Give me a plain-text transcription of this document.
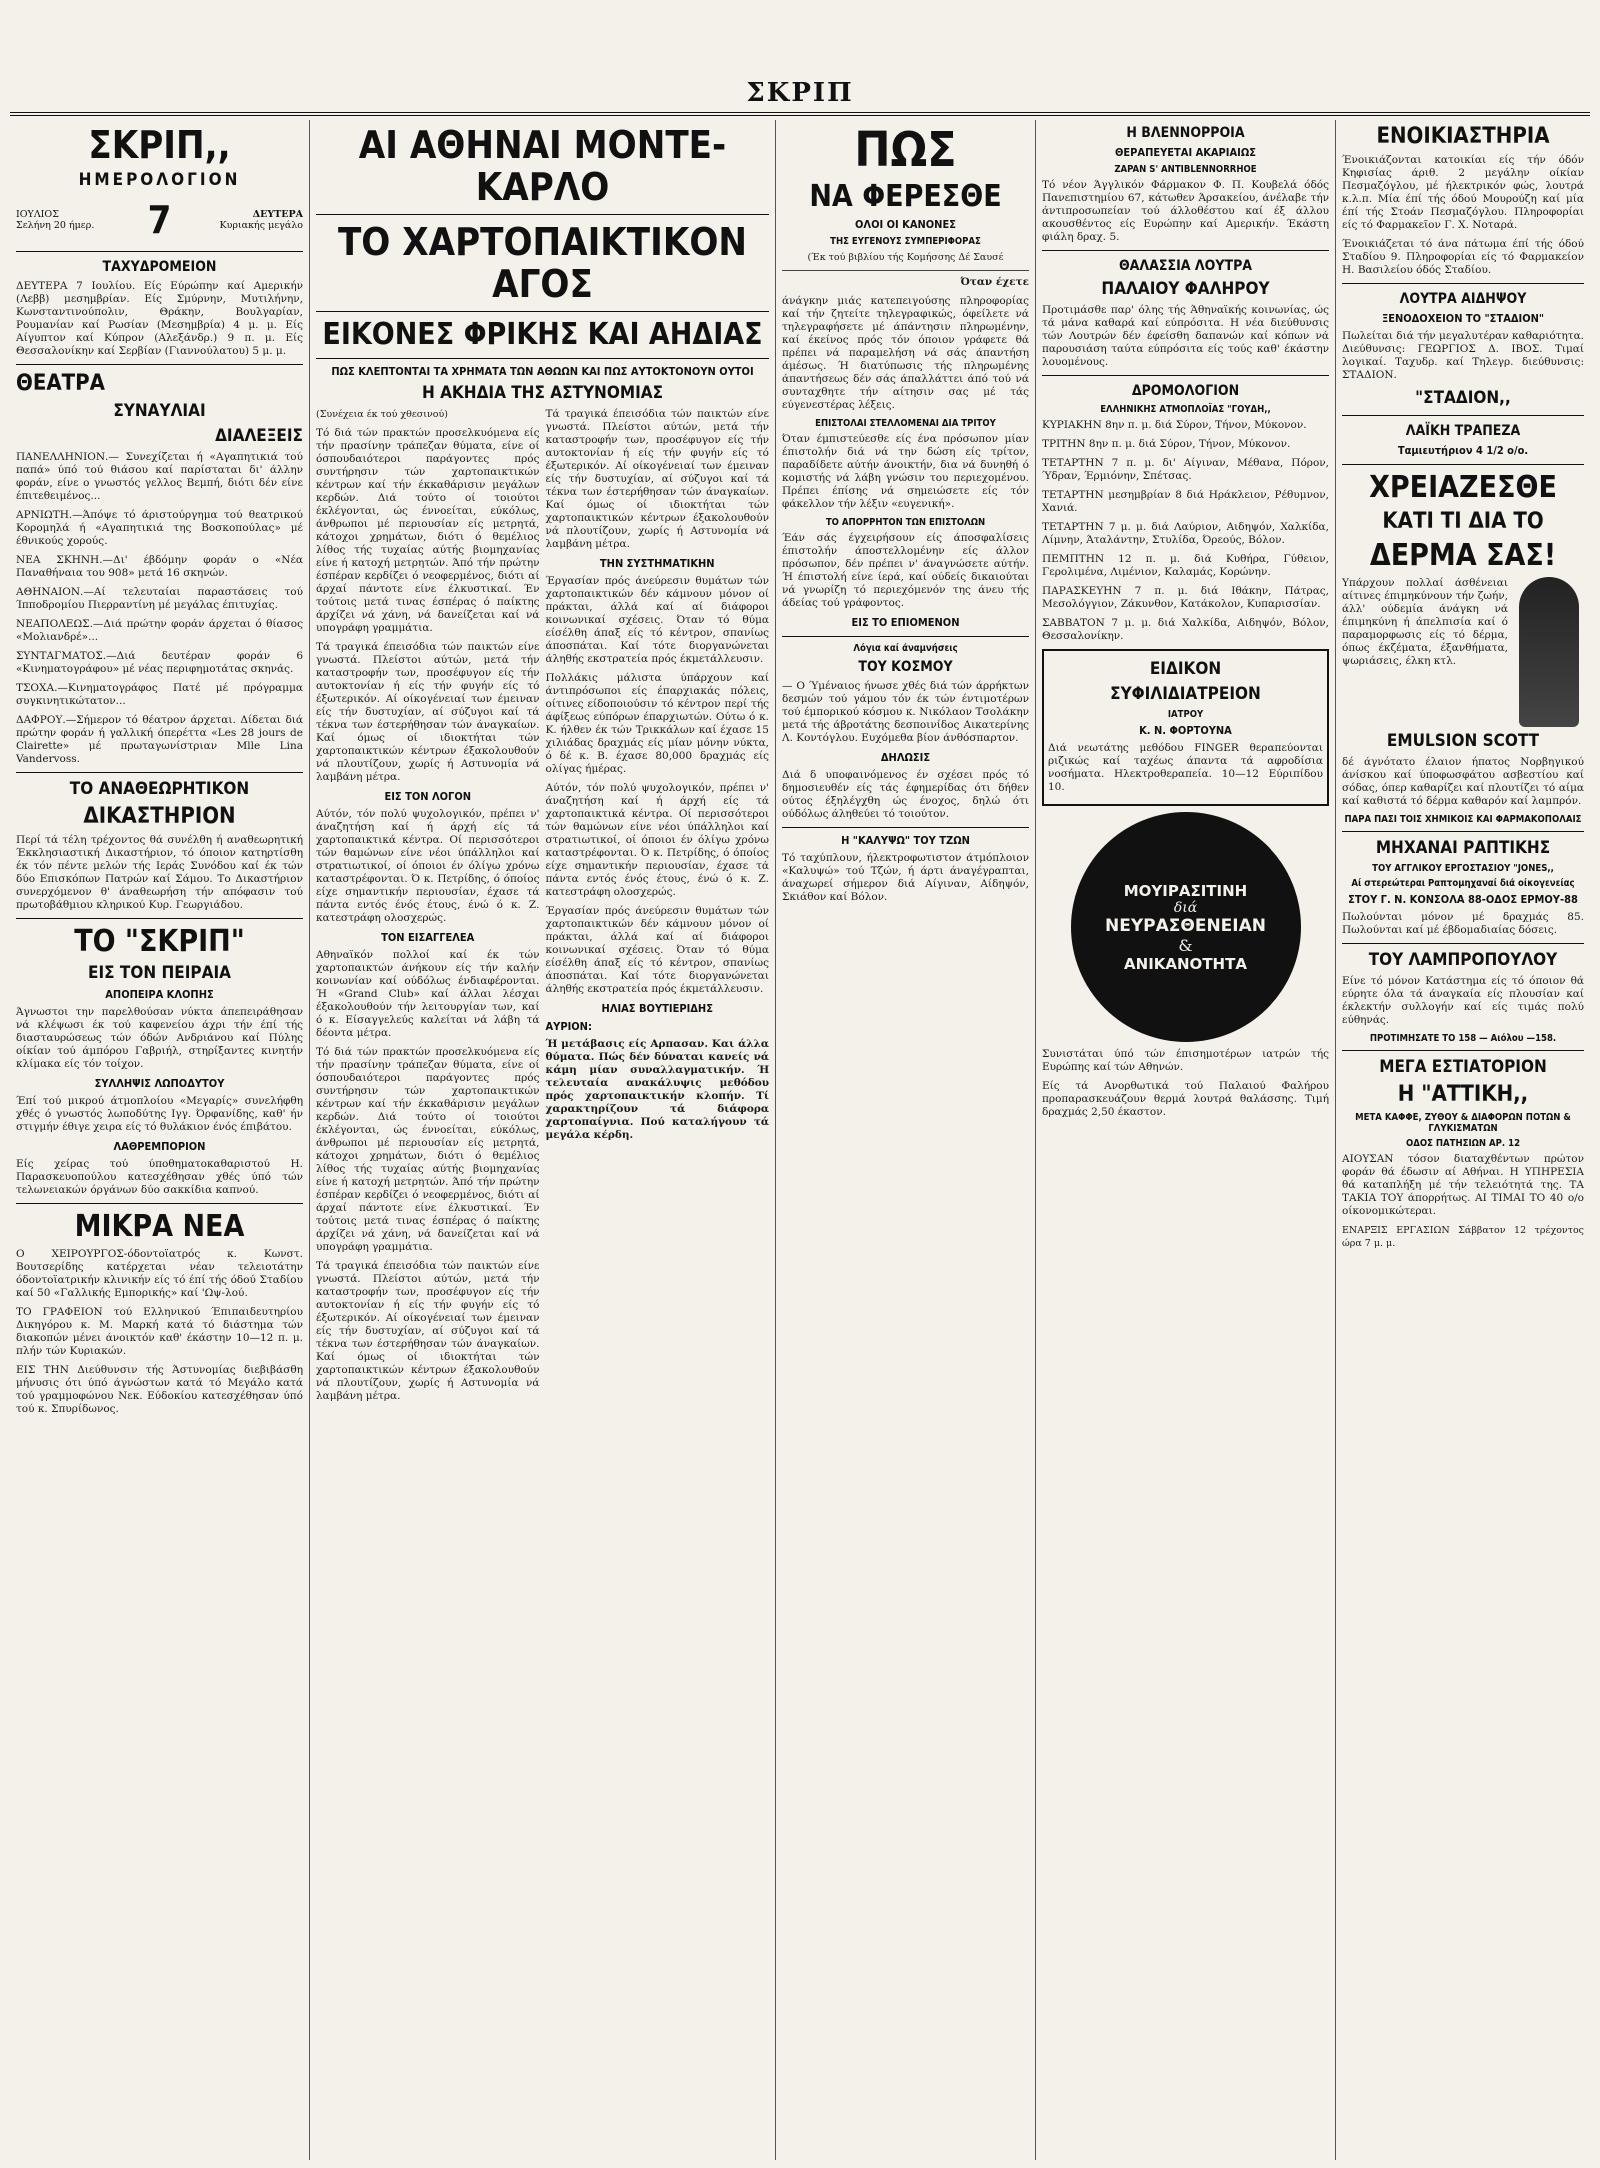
ΣΚΡΙΠ
ΣΚΡΙΠ,,
ΗΜΕΡΟΛΟΓΙΟΝ
ΙΟΥΛΙΟΣ
Σελήνη 20 ήμερ.	7	ΔΕΥΤΕΡΑ
Κυριακής μεγάλο
ΤΑΧΥΔΡΟΜΕΙΟΝ

ΔΕΥΤΕΡΑ 7 Ιουλίου. Είς Εύρώπην καί Αμερικήν (Λεββ) μεσημβρίαν. Είς Σμύρνην, Μυτιλήνην, Κωνσταντινούπολιν, Θράκην, Βουλγαρίαν, Ρουμανίαν καί Ρωσίαν (Μεσημβρία) 4 μ. μ. Είς Αίγυπτον καί Κύπρον (Αλεξάνδρ.) 9 π. μ. Είς Θεσσαλονίκην καί Σερβίαν (Γιαννούλατου) 5 μ. μ.

ΘΕΑΤΡΑ
ΣΥΝΑΥΛΙΑΙ
ΔΙΑΛΕΞΕΙΣ

ΠΑΝΕΛΛΗΝΙΟΝ.— Συνεχίζεται ή «Αγαπητικιά τού παπά» ύπό τού θιάσου καί παρίσταται δι' άλλην φοράν, είνε ο γνωστός γελλος Βεμπή, διότι δέν είνε έπιτεθειμένος...

ΑΡΝΙΩΤΗ.—Άπόψε τό άριστούργημα τού θεατρικού Κορομηλά ή «Αγαπητικιά της Βοσκοπούλας» μέ έθνικούς χορούς.

ΝΕΑ ΣΚΗΝΗ.—Δι' έβδόμην φοράν ο «Νέα Παναθήναια του 908» μετά 16 σκηνών.

ΑΘΗΝΑΙΟΝ.—Αί τελευταίαι παραστάσεις τού Ίπποδρομίου Πιερραντίνη μέ μεγάλας έπιτυχίας.

ΝΕΑΠΟΛΕΩΣ.—Διά πρώτην φοράν άρχεται ό θίασος «Μολιανδρέ»...

ΣΥΝΤΑΓΜΑΤΟΣ.—Διά δευτέραν φοράν 6 «Κινηματογράφου» μέ νέας περιφημοτάτας σκηνάς.

ΤΣΟΧΑ.—Κινηματογράφος Πατέ μέ πρόγραμμα συγκινητικώτατον...

ΔΑΦΡΟΥ.—Σήμερον τό θέατρον άρχεται. Δίδεται διά πρώτην φοράν ή γαλλική όπερέττα «Les 28 jours de Clairette» μέ πρωταγωνίστριαν Mlle Lina Vandervoss.

ΤΟ ΑΝΑΘΕΩΡΗΤΙΚΟΝ
ΔΙΚΑΣΤΗΡΙΟΝ

Περί τά τέλη τρέχοντος θά συνέλθη ή αναθεωρητική Έκκλησιαστική Δικαστήριον, τό όποιον κατηρτίσθη έκ τόν πέντε μελών τής Ιεράς Συνόδου καί έκ τών δύο Επισκόπων Πατρών καί Σάμου. Το Δικαστήριον συνερχόμενον θ' άναθεωρήση τήν απόφασιν τού πρωτοβάθμιου κληρικού Κυρ. Γεωργιάδου.

ΤΟ "ΣΚΡΙΠ"
ΕΙΣ ΤΟΝ ΠΕΙΡΑΙΑ
ΑΠΟΠΕΙΡΑ ΚΛΟΠΗΣ

Άγνωστοι την παρελθούσαν νύκτα άπεπειράθησαν νά κλέψωσι έκ τού καφενείου άχρι τήν έπί τής διασταυρώσεως τών όδών Ανδριάνου καί Πύλης οίκίαν τού άμπόρου Γαβριήλ, στηρίξαντες κινητήν κλίμακα είς τόν τοίχον.

ΣΥΛΛΗΨΙΣ ΛΩΠΟΔΥΤΟΥ

Έπί τού μικρού άτμοπλοίου «Μεγαρίς» συνελήφθη χθές ό γνωστός λωποδύτης Ιγγ. Όρφανίδης, καθ' ήν στιγμήν έθιγε χειρα είς τό θυλάκιον ένός έπιβάτου.

ΛΑΘΡΕΜΠΟΡΙΟΝ

Είς χείρας τού ύποθηματοκαθαριστού Η. Παρασκευοπούλου κατεσχέθησαν χθές ύπό τών τελωνειακών όργάνων δύο σακκίδια καπνού.

ΜΙΚΡΑ ΝΕΑ

Ο ΧΕΙΡΟΥΡΓΟΣ-όδοντοϊατρός κ. Κωνστ. Βουτσερίδης κατέρχεται νέαν τελειοτάτην όδοντοϊατρικήν κλινικήν είς τό έπί τής όδού Σταδίου καί 50 «Γαλλικής Εμπορικής» καί 'Ωψ-λού.

ΤΟ ΓΡΑΦΕΙΟΝ τού Ελληνικού Έπιπαιδευτηρίου Δικηγόρου κ. Μ. Μαρκή κατά τό διάστημα τών διακοπών μένει άνοικτόν καθ' έκάστην 10—12 π. μ. πλήν τών Κυριακών.

ΕΙΣ ΤΗΝ Διεύθυνσιν τής Άστυνομίας διεβιβάσθη μήνυσις ότι ύπό άγνώστων κατά τό Μεγάλο κατά τού γραμμοφώνου Νεκ. Εύδοκίου κατεσχέθησαν ύπό τού κ. Σπυρίδωνος.

ΑΙ ΑΘΗΝΑΙ ΜΟΝΤΕ-ΚΑΡΛΟ
ΤΟ ΧΑΡΤΟΠΑΙΚΤΙΚΟΝ ΑΓΟΣ
ΕΙΚΟΝΕΣ ΦΡΙΚΗΣ ΚΑΙ ΑΗΔΙΑΣ
ΠΩΣ ΚΛΕΠΤΟΝΤΑΙ ΤΑ ΧΡΗΜΑΤΑ ΤΩΝ ΑΘΩΩΝ ΚΑΙ ΠΩΣ ΑΥΤΟΚΤΟΝΟΥΝ ΟΥΤΟΙ
Η ΑΚΗΔΙΑ ΤΗΣ ΑΣΤΥΝΟΜΙΑΣ

(Συνέχεια έκ τού χθεσινού)

Τό διά τών πρακτών προσελκυόμενα είς τήν πρασίνην τράπεζαν θύματα, είνε οί όσπουδαιότεροι παράγοντες πρός συντήρησιν τών χαρτοπαικτικών κέντρων καί τήν έκκαθάρισιν μεγάλων κερδών. Διά τούτο οί τοιούτοι έκλέγονται, ώς έννοείται, εύκόλως, άνθρωποι μέ περιουσίαν είς μετρητά, κάτοχοι χρημάτων, διότι ό θεμέλιος λίθος τής τυχαίας αύτής βιομηχανίας είνε ή κατοχή μετρητών. Άπό τήν πρώτην έσπέραν κερδίζει ό νεοφερμένος, διότι αί άρχαί πάντοτε είνε έλκυστικαί. Έν τούτοις μετά τινας έσπέρας ό παίκτης άρχίζει νά χάνη, νά δανείζεται καί νά υπογράφη γραμμάτια.

Τά τραγικά έπεισόδια τών παικτών είνε γνωστά. Πλείστοι αύτών, μετά τήν καταστροφήν των, προσέφυγον είς τήν αυτοκτονίαν ή είς τήν φυγήν είς τό έξωτερικόν. Αί οίκογένειαί των έμειναν είς τήν δυστυχίαν, αί σύζυγοι καί τά τέκνα των έστερήθησαν τών άναγκαίων. Καί όμως οί ιδιοκτήται τών χαρτοπαικτικών κέντρων έξακολουθούν νά πλουτίζουν, χωρίς ή Αστυνομία νά λαμβάνη μέτρα.

ΕΙΣ ΤΟΝ ΛΟΓΟΝ

Αύτόν, τόν πολύ ψυχολογικόν, πρέπει ν' άναζητήση καί ή άρχή είς τά χαρτοπαικτικά κέντρα. Οί περισσότεροι τών θαμώνων είνε νέοι ύπάλληλοι καί στρατιωτικοί, οί όποιοι έν όλίγω χρόνω καταστρέφονται. Ό κ. Πετρίδης, ό όποίος είχε σημαντικήν περιουσίαν, έχασε τά πάντα εντός ένός έτους, ένώ ό κ. Ζ. κατεστράφη ολοσχερώς.

ΤΟΝ ΕΙΣΑΓΓΕΛΕΑ

Αθηναϊκόν πολλοί καί έκ τών χαρτοπαικτών άνήκουν είς τήν καλήν κοινωνίαν καί ούδόλως ένδιαφέρονται. Ή «Grand Club» καί άλλαι λέσχαι έξακολουθούν τήν λειτουργίαν των, καί ό κ. Είσαγγελεύς καλείται νά λάβη τά δέοντα μέτρα.

Τό διά τών πρακτών προσελκυόμενα είς τήν πρασίνην τράπεζαν θύματα, είνε οί όσπουδαιότεροι παράγοντες πρός συντήρησιν τών χαρτοπαικτικών κέντρων καί τήν έκκαθάρισιν μεγάλων κερδών. Διά τούτο οί τοιούτοι έκλέγονται, ώς έννοείται, εύκόλως, άνθρωποι μέ περιουσίαν είς μετρητά, κάτοχοι χρημάτων, διότι ό θεμέλιος λίθος τής τυχαίας αύτής βιομηχανίας είνε ή κατοχή μετρητών. Άπό τήν πρώτην έσπέραν κερδίζει ό νεοφερμένος, διότι αί άρχαί πάντοτε είνε έλκυστικαί. Έν τούτοις μετά τινας έσπέρας ό παίκτης άρχίζει νά χάνη, νά δανείζεται καί νά υπογράφη γραμμάτια.

Τά τραγικά έπεισόδια τών παικτών είνε γνωστά. Πλείστοι αύτών, μετά τήν καταστροφήν των, προσέφυγον είς τήν αυτοκτονίαν ή είς τήν φυγήν είς τό έξωτερικόν. Αί οίκογένειαί των έμειναν είς τήν δυστυχίαν, αί σύζυγοι καί τά τέκνα των έστερήθησαν τών άναγκαίων. Καί όμως οί ιδιοκτήται τών χαρτοπαικτικών κέντρων έξακολουθούν νά πλουτίζουν, χωρίς ή Αστυνομία νά λαμβάνη μέτρα.

Τά τραγικά έπεισόδια τών παικτών είνε γνωστά. Πλείστοι αύτών, μετά τήν καταστροφήν των, προσέφυγον είς τήν αυτοκτονίαν ή είς τήν φυγήν είς τό έξωτερικόν. Αί οίκογένειαί των έμειναν είς τήν δυστυχίαν, αί σύζυγοι καί τά τέκνα των έστερήθησαν τών άναγκαίων. Καί όμως οί ιδιοκτήται τών χαρτοπαικτικών κέντρων έξακολουθούν νά πλουτίζουν, χωρίς ή Αστυνομία νά λαμβάνη μέτρα.

ΤΗΝ ΣΥΣΤΗΜΑΤΙΚΗΝ

Έργασίαν πρός άνεύρεσιν θυμάτων τών χαρτοπαικτικών δέν κάμνουν μόνον οί πράκται, άλλά καί αί διάφοροι κοινωνικαί σχέσεις. Όταν τό θύμα είσέλθη άπαξ είς τό κέντρον, σπανίως άποσπάται. Καί τότε διοργανώνεται άληθής εκστρατεία πρός έκμετάλλευσιν.

Πολλάκις μάλιστα ύπάρχουν καί άντιπρόσωποι είς έπαρχιακάς πόλεις, οίτινες είδοποιούσιν τό κέντρον περί τής άφίξεως εύπόρων έπαρχιωτών. Ούτω ό κ. Κ. ήλθεν έκ τών Τρικκάλων καί έχασε 15 χιλιάδας δραχμάς είς μίαν μόνην νύκτα, ό δέ κ. Β. έχασε 80,000 δραχμάς είς ολίγας ήμέρας.

Αύτόν, τόν πολύ ψυχολογικόν, πρέπει ν' άναζητήση καί ή άρχή είς τά χαρτοπαικτικά κέντρα. Οί περισσότεροι τών θαμώνων είνε νέοι ύπάλληλοι καί στρατιωτικοί, οί όποιοι έν όλίγω χρόνω καταστρέφονται. Ό κ. Πετρίδης, ό όποίος είχε σημαντικήν περιουσίαν, έχασε τά πάντα εντός ένός έτους, ένώ ό κ. Ζ. κατεστράφη ολοσχερώς.

Έργασίαν πρός άνεύρεσιν θυμάτων τών χαρτοπαικτικών δέν κάμνουν μόνον οί πράκται, άλλά καί αί διάφοροι κοινωνικαί σχέσεις. Όταν τό θύμα είσέλθη άπαξ είς τό κέντρον, σπανίως άποσπάται. Καί τότε διοργανώνεται άληθής εκστρατεία πρός έκμετάλλευσιν.

ΗΛΙΑΣ ΒΟΥΤΙΕΡΙΔΗΣ
ΑΥΡΙΟΝ:

Ή μετάβασις είς Αρπασαν. Και άλλα θύματα. Πώς δέν δύναται κανείς νά κάμη μίαν συναλλαγματικήν. Ή τελευταία ανακάλυψις μεθόδου πρός χαρτοπαικτικήν κλοπήν. Τί χαρακτηρίζουν τά διάφορα χαρτοπαίγνια. Πού καταλήγουν τά μεγάλα κέρδη.

ΠΩΣ
ΝΑ ΦΕΡΕΣΘΕ
ΟΛΟΙ ΟΙ ΚΑΝΟΝΕΣ
ΤΗΣ ΕΥΓΕΝΟΥΣ ΣΥΜΠΕΡΙΦΟΡΑΣ

(Έκ τού βιβλίου τής Κομήσσης Δέ Σαυσέ

Όταν έχετε

άνάγκην μιάς κατεπειγούσης πληροφορίας καί τήν ζητείτε τηλεγραφικώς, όφείλετε νά τηλεγραφήσετε μέ άπάντησιν πληρωμένην, καί έκείνος πρός τόν όποιον γράφετε θά πρέπει νά παραμελήση νά σάς άπαντήση άμέσως. Ή διατύπωσις τής πληρωμένης άπαντήσεως δέν σάς άπαλλάττει άπό τού νά συνταχθητε τήν αίτησιν σας μέ τάς εύγενεστέρας λέξεις.

ΕΠΙΣΤΟΛΑΙ ΣΤΕΛΛΟΜΕΝΑΙ ΔΙΑ ΤΡΙΤΟΥ

Όταν έμπιστεύεσθε είς ένα πρόσωπον μίαν έπιστολήν διά νά την δώση είς τρίτον, παραδίδετε αύτήν άνοικτήν, δια νά δυνηθή ό κομιστής νά λάβη γνώσιν του περιεχομένου. Πρέπει έπίσης νά σημειώσετε είς τόν φάκελλον τήν λέξιν «ευγενική».

ΤΟ ΑΠΟΡΡΗΤΟΝ ΤΩΝ ΕΠΙΣΤΟΛΩΝ

Έάν σάς έγχειρήσουν είς άποσφαλίσεις έπιστολήν άποστελλομένην είς άλλον πρόσωπον, δέν πρέπει ν' άναγνώσετε αύτήν. Ή έπιστολή είνε ίερά, καί ούδείς δικαιούται νά γνωρίζη τό περιεχόμενόν της άνευ τής άδείας τού γράφοντος.

ΕΙΣ ΤΟ ΕΠΙΟΜΕΝΟΝ
Λόγια καί άναμνήσεις
ΤΟΥ ΚΟΣΜΟΥ

— Ο Ύμέναιος ήνωσε χθές διά τών άρρήκτων δεσμών τού γάμου τόν έκ τών έντιμοτέρων τού έμπορικού κόσμου κ. Νικόλαον Τσολάκην μετά τής άβροτάτης δεσποινίδος Αικατερίνης Λ. Κοντόγλου. Ευχόμεθα βίον άνθόσπαρτον.

ΔΗΛΩΣΙΣ

Διά δ υποφαινόμενος έν σχέσει πρός τό δημοσιευθέν είς τάς έφημερίδας ότι δήθεν ούτος έξηλέγχθη ώς ένοχος, δηλώ ότι ούδόλως άληθεύει τό τοιούτον.

Η "ΚΑΛΥΨΩ" ΤΟΥ ΤΖΩΝ

Τό ταχύπλουν, ήλεκτροφωτιστον άτμόπλοιον «Καλυψώ» τού Τζών, ή άρτι άναγέγραπται, άναχωρεί σήμερον διά Αίγιναν, Αίδηψόν, Σκιάθον καί Βόλον.

Η ΒΛΕΝΝΟΡΡΟΙΑ
ΘΕΡΑΠΕΥΕΤΑΙ ΑΚΑΡΙΑΙΩΣ
ZAPAN S' ANTIBLENNORRHOE

Τό νέον Άγγλικόν Φάρμακον Φ. Π. Κουβελά όδός Πανεπιστημίου 67, κάτωθεν Άρσακείου, άνέλαβε τήν άντιπροσωπείαν τού άλλοθέστου καί έξ άλλου ακουσθέντος είς Ευρώπην καί Αμερικήν. Έκάστη φιάλη δραχ. 5.

ΘΑΛΑΣΣΙΑ ΛΟΥΤΡΑ
ΠΑΛΑΙΟΥ ΦΑΛΗΡΟΥ

Προτιμάσθε παρ' όλης τής Άθηναϊκής κοινωνίας, ώς τά μάνα καθαρά καί εύπρόσιτα. Η νέα διεύθυνσις τών Λουτρών δέν έφείσθη δαπανών καί κόπων νά παρουσιάση ταύτα εύπρόσιτα είς τούς καθ' έκάστην λουομένους.

ΔΡΟΜΟΛΟΓΙΟΝ
ΕΛΛΗΝΙΚΗΣ ΑΤΜΟΠΛΟΪΑΣ "ΓΟΥΔΗ,,

ΚΥΡΙΑΚΗΝ 8ην π. μ. διά Σύρον, Τήνον, Μύκονον.

ΤΡΙΤΗΝ 8ην π. μ. διά Σύρον, Τήνον, Μύκονον.

ΤΕΤΑΡΤΗΝ 7 π. μ. δι' Αίγιναν, Μέθανα, Πόρον, Ύδραν, Έρμιόνην, Σπέτσας.

ΤΕΤΑΡΤΗΝ μεσημβρίαν 8 διά Ηράκλειον, Ρέθυμνον, Χανιά.

ΤΕΤΑΡΤΗΝ 7 μ. μ. διά Λαύριον, Αιδηψόν, Χαλκίδα, Λίμνην, Άταλάντην, Στυλίδα, Όρεούς, Βόλον.

ΠΕΜΠΤΗΝ 12 π. μ. διά Κυθήρα, Γύθειον, Γερολιμένα, Λιμένιον, Καλαμάς, Κορώνην.

ΠΑΡΑΣΚΕΥΗΝ 7 π. μ. διά Ιθάκην, Πάτρας, Μεσολόγγιον, Ζάκυνθον, Κατάκολον, Κυπαρισσίαν.

ΣΑΒΒΑΤΟΝ 7 μ. μ. διά Χαλκίδα, Αιδηψόν, Βόλον, Θεσσαλονίκην.

ΕΙΔΙΚΟΝ
ΣΥΦΙΛΙΔΙΑΤΡΕΙΟΝ
ΙΑΤΡΟΥ
Κ. Ν. ΦΟΡΤΟΥΝΑ

Διά νεωτάτης μεθόδου FINGER θεραπεύονται ριζικώς καί ταχέως άπαντα τά αφροδίσια νοσήματα. Ηλεκτροθεραπεία. 10—12 Εύριπίδου 10.

ΜΟΥΙΡΑΣΙΤΙΝΗ
διά
ΝΕΥΡΑΣΘΕΝΕΙΑΝ
&
ΑΝΙΚΑΝΟΤΗΤΑ

Συνιστάται ύπό τών έπισημοτέρων ιατρών τής Ευρώπης καί τών Αθηνών.

Είς τά Ανορθωτικά τού Παλαιού Φαλήρου προπαρασκευάζουν θερμά λουτρά θαλάσσης. Τιμή δραχμάς 2,50 έκαστον.

ΕΝΟΙΚΙΑΣΤΗΡΙΑ

Ένοικιάζονται κατοικίαι είς τήν όδόν Κηφισίας άριθ. 2 μεγάλην οίκίαν Πεσμαζόγλου, μέ ήλεκτρικόν φώς, λουτρά κ.λ.π. Μία έπί τής όδού Μουρούζη καί μία έπί τής Στοάν Πεσμαζόγλου. Πληροφορίαι είς τό Φαρμακεῖον Γ. Χ. Νοταρά.

Ένοικιάζεται τό άνα πάτωμα έπί τής όδού Σταδίου 9. Πληροφορίαι είς τό Φαρμακείον Η. Βασιλείου όδός Σταδίου.

ΛΟΥΤΡΑ ΑΙΔΗΨΟΥ
ΞΕΝΟΔΟΧΕΙΟΝ ΤΟ "ΣΤΑΔΙΟΝ"

Πωλείται διά τήν μεγαλυτέραν καθαριότητα. Διεύθυνσις: ΓΕΩΡΓΙΟΣ Δ. ΙΒΟΣ. Τιμαί λογικαί. Ταχυδρ. καί Τηλεγρ. διεύθυνσις: ΣΤΑΔΙΟΝ.

"ΣΤΑΔΙΟΝ,,
ΛΑΪΚΗ ΤΡΑΠΕΖΑ
Ταμιευτήριον 4 1/2 ο/ο.
ΧΡΕΙΑΖΕΣΘΕ
ΚΑΤΙ ΤΙ ΔΙΑ ΤΟ
ΔΕΡΜΑ ΣΑΣ!

Υπάρχουν πολλαί άσθένειαι αίτινες έπιμηκύνουν τήν ζωήν, άλλ' ούδεμία άνάγκη νά έπιμηκύνη ή άπελπισία καί ό παραμορφωσις είς τό δέρμα, όπως έκζέματα, έξανθήματα, ψωριάσεις, έλκη κτλ.

EMULSION SCOTT

δέ άγνότατο έλαιον ήπατος Νορβηγικού άνίσκου καί ύποφωσφάτου ασβεστίου καί σόδας, όπερ καθαρίζει καί πλουτίζει τό αίμα καί καθιστά τό δέρμα καθαρόν καί λαμπρόν.

ΠΑΡΑ ΠΑΣΙ ΤΟΙΣ ΧΗΜΙΚΟΙΣ ΚΑΙ ΦΑΡΜΑΚΟΠΟΛΑΙΣ
ΜΗΧΑΝΑΙ ΡΑΠΤΙΚΗΣ
ΤΟΥ ΑΓΓΛΙΚΟΥ ΕΡΓΟΣΤΑΣΙΟΥ "JONES,,
Αί στερεώτεραι Ραπτομηχαναί διά οίκογενείας
ΣΤΟΥ Γ. Ν. ΚΟΝΣΟΛΑ 88-ΟΔΟΣ ΕΡΜΟΥ-88

Πωλούνται μόνον μέ δραχμάς 85. Πωλούνται καί μέ έβδομαδιαίας δόσεις.

ΤΟΥ ΛΑΜΠΡΟΠΟΥΛΟΥ

Είνε τό μόνον Κατάστημα είς τό όποιον θά εύρητε όλα τά άναγκαία είς πλουσίαν καί έκλεκτήν συλλογήν καί είς τιμάς πολύ εύθηνάς.

ΠΡΟΤΙΜΗΣΑΤΕ ΤΟ 158 — Αιόλου —158.
ΜΕΓΑ ΕΣΤΙΑΤΟΡΙΟΝ
Η "ΑΤΤΙΚΗ,,
ΜΕΤΑ ΚΑΦΦΕ, ΖΥΘΟΥ & ΔΙΑΦΟΡΩΝ ΠΟΤΩΝ & ΓΛΥΚΙΣΜΑΤΩΝ
ΟΔΟΣ ΠΑΤΗΣΙΩΝ ΑΡ. 12

ΑΙΟΥΣΑΝ τόσον διαταχθέντων πρώτον φοράν θά έδωσιν αί Αθήναι. Η ΥΠΗΡΕΣΙΑ θά καταπλήξη μέ τήν τελειότητά της. ΤΑ ΤΑΚΙΑ ΤΟΥ άπορρήτως. ΑΙ ΤΙΜΑΙ ΤΟ 40 ο/ο οίκονομικώτεραι.

ΕΝΑΡΞΙΣ ΕΡΓΑΣΙΩΝ Σάββατον 12 τρέχοντος ώρα 7 μ. μ.
